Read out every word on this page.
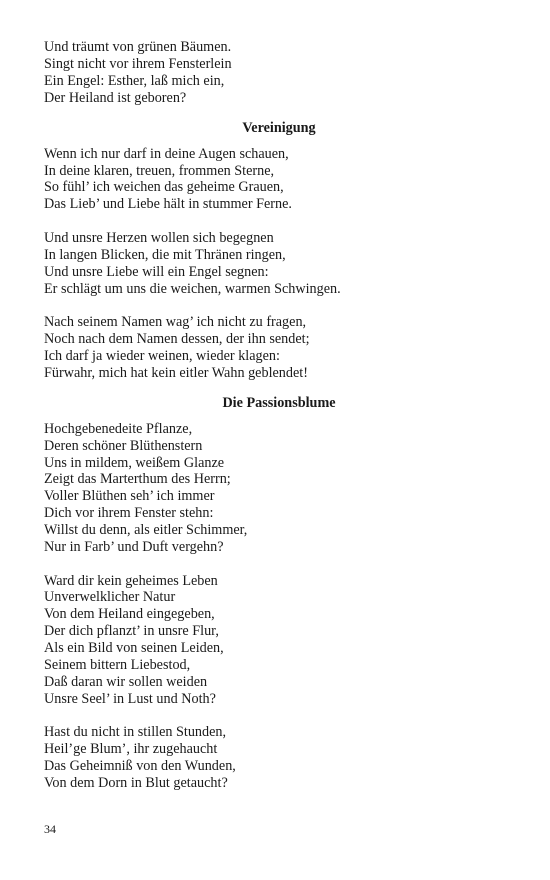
Und träumt von grünen Bäumen.
Singt nicht vor ihrem Fensterlein
Ein Engel: Esther, laß mich ein,
Der Heiland ist geboren?
Vereinigung
Wenn ich nur darf in deine Augen schauen,
In deine klaren, treuen, frommen Sterne,
So fühl’ ich weichen das geheime Grauen,
Das Lieb’ und Liebe hält in stummer Ferne.
Und unsre Herzen wollen sich begegnen
In langen Blicken, die mit Thränen ringen,
Und unsre Liebe will ein Engel segnen:
Er schlägt um uns die weichen, warmen Schwingen.
Nach seinem Namen wag’ ich nicht zu fragen,
Noch nach dem Namen dessen, der ihn sendet;
Ich darf ja wieder weinen, wieder klagen:
Fürwahr, mich hat kein eitler Wahn geblendet!
Die Passionsblume
Hochgebenedeite Pflanze,
Deren schöner Blüthenstern
Uns in mildem, weißem Glanze
Zeigt das Marterthum des Herrn;
Voller Blüthen seh’ ich immer
Dich vor ihrem Fenster stehn:
Willst du denn, als eitler Schimmer,
Nur in Farb’ und Duft vergehn?
Ward dir kein geheimes Leben
Unverwelklicher Natur
Von dem Heiland eingegeben,
Der dich pflanzt’ in unsre Flur,
Als ein Bild von seinen Leiden,
Seinem bittern Liebestod,
Daß daran wir sollen weiden
Unsre Seel’ in Lust und Noth?
Hast du nicht in stillen Stunden,
Heil’ge Blum’, ihr zugehaucht
Das Geheimniß von den Wunden,
Von dem Dorn in Blut getaucht?
34
